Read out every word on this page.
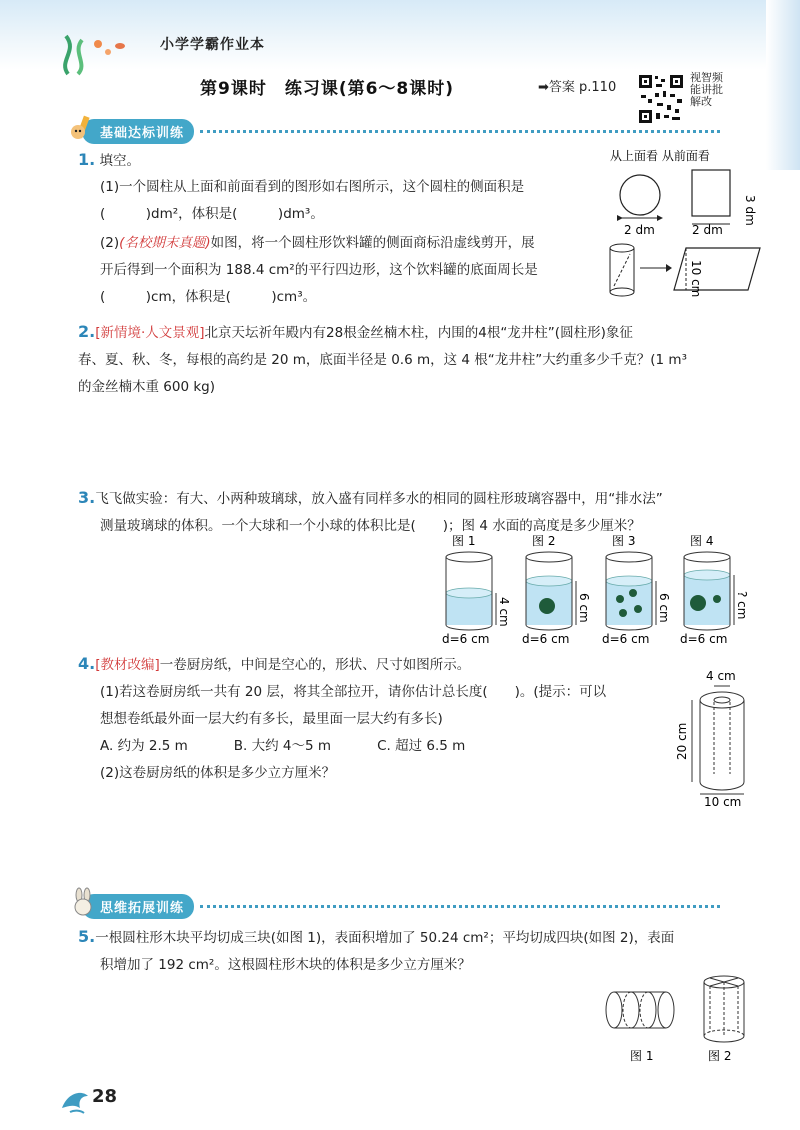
小学学霸作业本
第9课时　练习课(第6～8课时)	➡答案 p.110
视智频能讲批解改
基础达标训练
1. 填空。
(1)一个圆柱从上面和前面看到的图形如右图所示，这个圆柱的侧面积是
(　　　)dm²，体积是(　　　)dm³。
(2)(名校期末真题)如图，将一个圆柱形饮料罐的侧面商标沿虚线剪开，展
开后得到一个面积为 188.4 cm²的平行四边形，这个饮料罐的底面周长是
(　　　)cm，体积是(　　　)cm³。
从上面看 从前面看
2 dm	2 dm
3 dm
10 cm
2.[新情境·人文景观]北京天坛祈年殿内有28根金丝楠木柱，内围的4根“龙井柱”(圆柱形)象征
春、夏、秋、冬，每根的高约是 20 m，底面半径是 0.6 m，这 4 根“龙井柱”大约重多少千克？(1 m³
的金丝楠木重 600 kg)
3.飞飞做实验：有大、小两种玻璃球，放入盛有同样多水的相同的圆柱形玻璃容器中，用“排水法”
测量玻璃球的体积。一个大球和一个小球的体积比是(　　)；图 4 水面的高度是多少厘米？
图 1
4 cm
d=6 cm
图 2
6 cm
d=6 cm
图 3
6 cm
d=6 cm
图 4
? cm
d=6 cm
4.[教材改编]一卷厨房纸，中间是空心的，形状、尺寸如图所示。
(1)若这卷厨房纸一共有 20 层，将其全部拉开，请你估计总长度(　　)。(提示：可以
想想卷纸最外面一层大约有多长，最里面一层大约有多长)
A. 约为 2.5 m	B. 大约 4～5 m	C. 超过 6.5 m
(2)这卷厨房纸的体积是多少立方厘米？
4 cm
20 cm
10 cm
思维拓展训练
5.一根圆柱形木块平均切成三块(如图 1)，表面积增加了 50.24 cm²；平均切成四块(如图 2)，表面
积增加了 192 cm²。这根圆柱形木块的体积是多少立方厘米？
图 1	图 2
28
